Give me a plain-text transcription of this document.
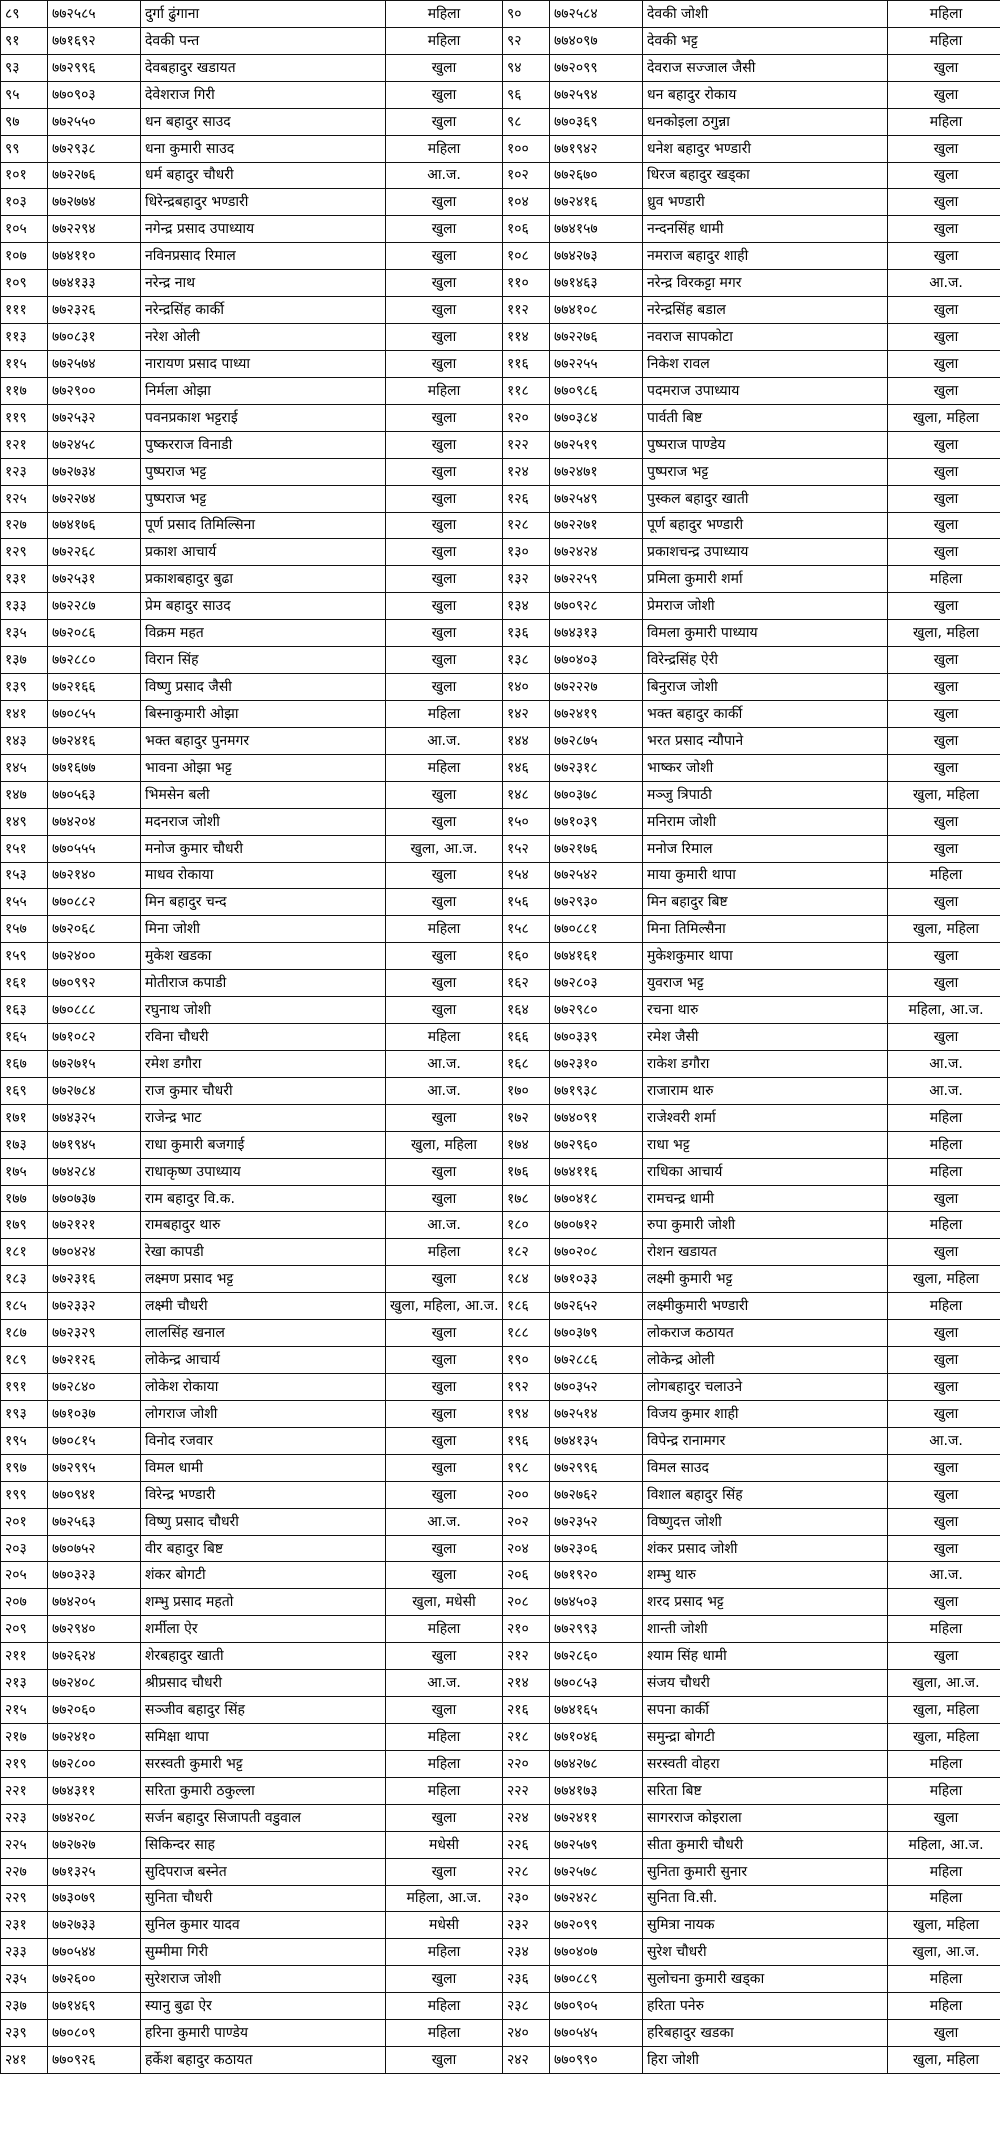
८९	७७२५८५	दुर्गा ढुंगाना	महिला	९०	७७२५८४	देवकी जोशी	महिला
९१	७७१६९२	देवकी पन्त	महिला	९२	७७४०९७	देवकी भट्ट	महिला
९३	७७२९९६	देवबहादुर खडायत	खुला	९४	७७२०९९	देवराज सज्जाल जैसी	खुला
९५	७७०९०३	देवेशराज गिरी	खुला	९६	७७२५९४	धन बहादुर रोकाय	खुला
९७	७७२५५०	धन बहादुर साउद	खुला	९८	७७०३६९	धनकोइला ठगुन्ना	महिला
९९	७७२९३८	धना कुमारी साउद	महिला	१००	७७१९४२	धनेश बहादुर भण्डारी	खुला
१०१	७७२२७६	धर्म बहादुर चौधरी	आ.ज.	१०२	७७२६७०	धिरज बहादुर खड्का	खुला
१०३	७७२७७४	धिरेन्द्रबहादुर भण्डारी	खुला	१०४	७७२४१६	ध्रुव भण्डारी	खुला
१०५	७७२२९४	नगेन्द्र प्रसाद उपाध्याय	खुला	१०६	७७४१५७	नन्दनसिंह धामी	खुला
१०७	७७४११०	नविनप्रसाद रिमाल	खुला	१०८	७७४२७३	नमराज बहादुर शाही	खुला
१०९	७७४१३३	नरेन्द्र नाथ	खुला	११०	७७१४६३	नरेन्द्र विरकट्टा मगर	आ.ज.
१११	७७२३२६	नरेन्द्रसिंह कार्की	खुला	११२	७७४१०८	नरेन्द्रसिंह बडाल	खुला
११३	७७०८३१	नरेश ओली	खुला	११४	७७२२७६	नवराज सापकोटा	खुला
११५	७७२५७४	नारायण प्रसाद पाध्या	खुला	११६	७७२२५५	निकेश रावल	खुला
११७	७७२९००	निर्मला ओझा	महिला	११८	७७०९८६	पदमराज उपाध्याय	खुला
११९	७७२५३२	पवनप्रकाश भट्टराई	खुला	१२०	७७०३८४	पार्वती बिष्ट	खुला, महिला
१२१	७७२४५८	पुष्करराज विनाडी	खुला	१२२	७७२५१९	पुष्पराज पाण्डेय	खुला
१२३	७७२७३४	पुष्पराज भट्ट	खुला	१२४	७७२४७१	पुष्पराज भट्ट	खुला
१२५	७७२२७४	पुष्पराज भट्ट	खुला	१२६	७७२५४९	पुस्कल बहादुर खाती	खुला
१२७	७७४१७६	पूर्ण प्रसाद तिमिल्सिना	खुला	१२८	७७२२७१	पूर्ण बहादुर भण्डारी	खुला
१२९	७७२२६८	प्रकाश आचार्य	खुला	१३०	७७२४२४	प्रकाशचन्द्र उपाध्याय	खुला
१३१	७७२५३१	प्रकाशबहादुर बुढा	खुला	१३२	७७२२५९	प्रमिला कुमारी शर्मा	महिला
१३३	७७२२८७	प्रेम बहादुर साउद	खुला	१३४	७७०९२८	प्रेमराज जोशी	खुला
१३५	७७२०८६	विक्रम महत	खुला	१३६	७७४३१३	विमला कुमारी पाध्याय	खुला, महिला
१३७	७७२८८०	विरान सिंह	खुला	१३८	७७०४०३	विरेन्द्रसिंह ऐरी	खुला
१३९	७७२१६६	विष्णु प्रसाद जैसी	खुला	१४०	७७२२२७	बिनुराज जोशी	खुला
१४१	७७०८५५	बिस्नाकुमारी ओझा	महिला	१४२	७७२४१९	भक्त बहादुर कार्की	खुला
१४३	७७२४१६	भक्त बहादुर पुनमगर	आ.ज.	१४४	७७२८७५	भरत प्रसाद न्यौपाने	खुला
१४५	७७१६७७	भावना ओझा भट्ट	महिला	१४६	७७२३१८	भाष्कर जोशी	खुला
१४७	७७०५६३	भिमसेन बली	खुला	१४८	७७०३७८	मञ्जु त्रिपाठी	खुला, महिला
१४९	७७४२०४	मदनराज जोशी	खुला	१५०	७७१०३९	मनिराम जोशी	खुला
१५१	७७०५५५	मनोज कुमार चौधरी	खुला, आ.ज.	१५२	७७२१७६	मनोज रिमाल	खुला
१५३	७७२१४०	माधव रोकाया	खुला	१५४	७७२५४२	माया कुमारी थापा	महिला
१५५	७७०८८२	मिन बहादुर चन्द	खुला	१५६	७७२९३०	मिन बहादुर बिष्ट	खुला
१५७	७७२०६८	मिना जोशी	महिला	१५८	७७०८८१	मिना तिमिल्सैना	खुला, महिला
१५९	७७२४००	मुकेश खडका	खुला	१६०	७७४१६१	मुकेशकुमार थापा	खुला
१६१	७७०९९२	मोतीराज कपाडी	खुला	१६२	७७२८०३	युवराज भट्ट	खुला
१६३	७७०८८८	रघुनाथ जोशी	खुला	१६४	७७२९८०	रचना थारु	महिला, आ.ज.
१६५	७७१०८२	रविना चौधरी	महिला	१६६	७७०३३९	रमेश जैसी	खुला
१६७	७७२७१५	रमेश डगौरा	आ.ज.	१६८	७७२३१०	राकेश डगौरा	आ.ज.
१६९	७७२७८४	राज कुमार चौधरी	आ.ज.	१७०	७७१९३८	राजाराम थारु	आ.ज.
१७१	७७४३२५	राजेन्द्र भाट	खुला	१७२	७७४०९१	राजेश्वरी शर्मा	महिला
१७३	७७१९४५	राधा कुमारी बजगाई	खुला, महिला	१७४	७७२९६०	राधा भट्ट	महिला
१७५	७७४२८४	राधाकृष्ण उपाध्याय	खुला	१७६	७७४११६	राधिका आचार्य	महिला
१७७	७७०७३७	राम बहादुर वि.क.	खुला	१७८	७७०४१८	रामचन्द्र धामी	खुला
१७९	७७२१२१	रामबहादुर थारु	आ.ज.	१८०	७७०७१२	रुपा कुमारी जोशी	महिला
१८१	७७०४२४	रेखा कापडी	महिला	१८२	७७०२०८	रोशन खडायत	खुला
१८३	७७२३१६	लक्ष्मण प्रसाद भट्ट	खुला	१८४	७७१०३३	लक्ष्मी कुमारी भट्ट	खुला, महिला
१८५	७७२३३२	लक्ष्मी चौधरी	खुला, महिला, आ.ज.	१८६	७७२६५२	लक्ष्मीकुमारी भण्डारी	महिला
१८७	७७२३२९	लालसिंह खनाल	खुला	१८८	७७०३७९	लोकराज कठायत	खुला
१८९	७७२१२६	लोकेन्द्र आचार्य	खुला	१९०	७७२८८६	लोकेन्द्र ओली	खुला
१९१	७७२८४०	लोकेश रोकाया	खुला	१९२	७७०३५२	लोगबहादुर चलाउने	खुला
१९३	७७१०३७	लोगराज जोशी	खुला	१९४	७७२५१४	विजय कुमार शाही	खुला
१९५	७७०८१५	विनोद रजवार	खुला	१९६	७७४१३५	विपेन्द्र रानामगर	आ.ज.
१९७	७७२९९५	विमल धामी	खुला	१९८	७७२९९६	विमल साउद	खुला
१९९	७७०९४१	विरेन्द्र भण्डारी	खुला	२००	७७२७६२	विशाल बहादुर सिंह	खुला
२०१	७७२५६३	विष्णु प्रसाद चौधरी	आ.ज.	२०२	७७२३५२	विष्णुदत्त जोशी	खुला
२०३	७७०७५२	वीर बहादुर बिष्ट	खुला	२०४	७७२३०६	शंकर प्रसाद जोशी	खुला
२०५	७७०३२३	शंकर बोगटी	खुला	२०६	७७१९२०	शम्भु थारु	आ.ज.
२०७	७७४२०५	शम्भु प्रसाद महतो	खुला, मधेसी	२०८	७७४५०३	शरद प्रसाद भट्ट	खुला
२०९	७७२९४०	शर्मीला ऐर	महिला	२१०	७७२९९३	शान्ती जोशी	महिला
२११	७७२६२४	शेरबहादुर खाती	खुला	२१२	७७२८६०	श्याम सिंह धामी	खुला
२१३	७७२४०८	श्रीप्रसाद चौधरी	आ.ज.	२१४	७७०८५३	संजय चौधरी	खुला, आ.ज.
२१५	७७२०६०	सञ्जीव बहादुर सिंह	खुला	२१६	७७४१६५	सपना कार्की	खुला, महिला
२१७	७७२४१०	समिक्षा थापा	महिला	२१८	७७१०४६	समुन्द्रा बोगटी	खुला, महिला
२१९	७७२८००	सरस्वती कुमारी भट्ट	महिला	२२०	७७४२७८	सरस्वती वोहरा	महिला
२२१	७७४३११	सरिता कुमारी ठकुल्ला	महिला	२२२	७७४१७३	सरिता बिष्ट	महिला
२२३	७७४२०८	सर्जन बहादुर सिजापती वडुवाल	खुला	२२४	७७२४११	सागरराज कोइराला	खुला
२२५	७७२७२७	सिकिन्दर साह	मधेसी	२२६	७७२५७९	सीता कुमारी चौधरी	महिला, आ.ज.
२२७	७७१३२५	सुदिपराज बस्नेत	खुला	२२८	७७२५७८	सुनिता कुमारी सुनार	महिला
२२९	७७३०७९	सुनिता चौधरी	महिला, आ.ज.	२३०	७७२४२८	सुनिता वि.सी.	महिला
२३१	७७२७३३	सुनिल कुमार यादव	मधेसी	२३२	७७२०९९	सुमित्रा नायक	खुला, महिला
२३३	७७०५४४	सुम्मीमा गिरी	महिला	२३४	७७०४०७	सुरेश चौधरी	खुला, आ.ज.
२३५	७७२६००	सुरेशराज जोशी	खुला	२३६	७७०८८९	सुलोचना कुमारी खड्का	महिला
२३७	७७१४६९	स्यानु बुढा ऐर	महिला	२३८	७७०९०५	हरिता पनेरु	महिला
२३९	७७०८०९	हरिना कुमारी पाण्डेय	महिला	२४०	७७०५४५	हरिबहादुर खडका	खुला
२४१	७७०९२६	हर्केश बहादुर कठायत	खुला	२४२	७७०९९०	हिरा जोशी	खुला, महिला
